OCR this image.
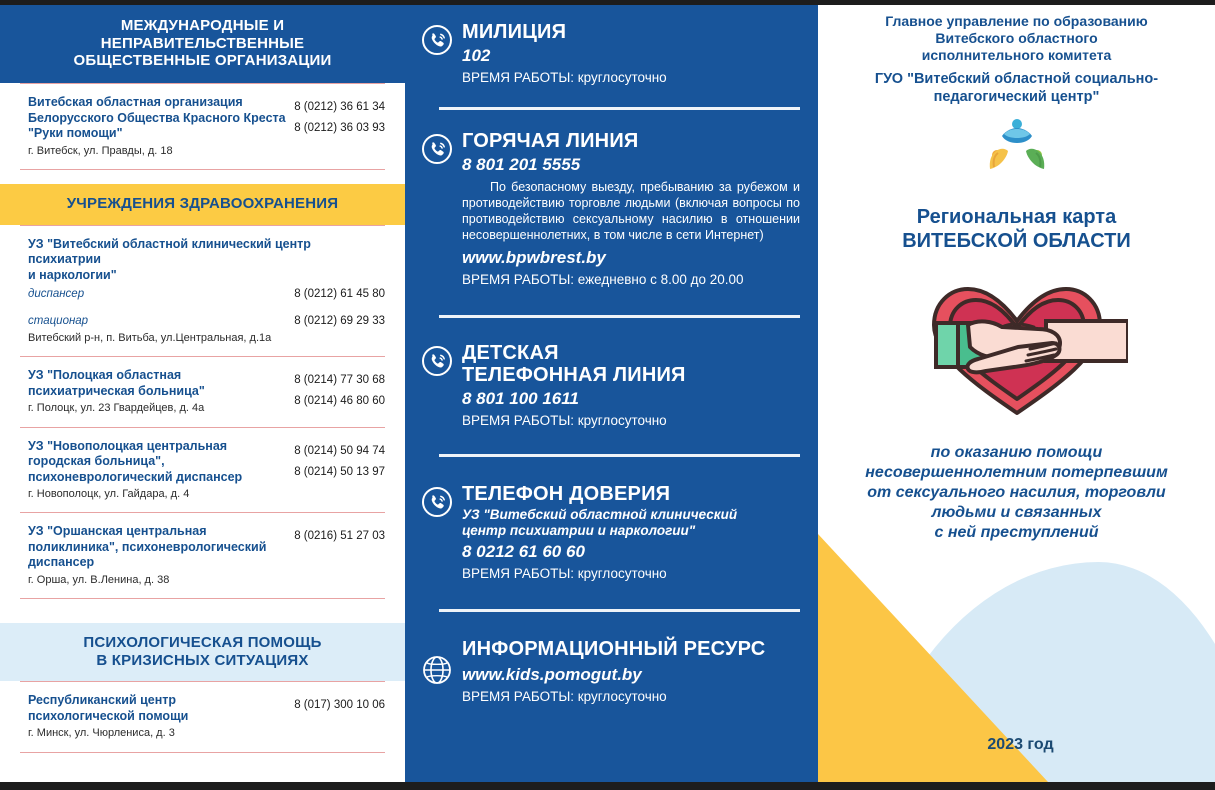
МЕЖДУНАРОДНЫЕ И НЕПРАВИТЕЛЬСТВЕННЫЕ
ОБЩЕСТВЕННЫЕ ОРГАНИЗАЦИИ
Витебская областная организация
Белорусского Общества Красного Креста
"Руки помощи"
г. Витебск, ул. Правды, д. 18
8 (0212) 36 61 34
8 (0212) 36 03 93
УЧРЕЖДЕНИЯ ЗДРАВООХРАНЕНИЯ
УЗ "Витебский областной клинический центр психиатрии
и наркологии"
диспансер	8 (0212) 61 45 80
стационар	8 (0212) 69 29 33
Витебский р-н, п. Витьба, ул.Центральная, д.1а
УЗ "Полоцкая областная
психиатрическая больница"
г. Полоцк, ул. 23 Гвардейцев, д. 4а
8 (0214) 77 30 68
8 (0214) 46 80 60
УЗ "Новополоцкая центральная
городская больница",
психоневрологический диспансер
г. Новополоцк, ул. Гайдара, д. 4
8 (0214) 50 94 74
8 (0214) 50 13 97
УЗ "Оршанская центральная
поликлиника", психоневрологический
диспансер
г. Орша, ул. В.Ленина, д. 38
8 (0216) 51 27 03
ПСИХОЛОГИЧЕСКАЯ ПОМОЩЬ
В КРИЗИСНЫХ СИТУАЦИЯХ
Республиканский центр
психологической помощи
г. Минск, ул. Чюрлениса, д. 3
8 (017) 300 10 06
МИЛИЦИЯ
102
ВРЕМЯ РАБОТЫ: круглосуточно
ГОРЯЧАЯ ЛИНИЯ
8 801 201 5555
По безопасному выезду, пребыванию за рубежом и противодействию торговле людьми (включая вопросы по противодействию сексуальному насилию в отношении несовершеннолетних, в том числе в сети Интернет)
www.bpwbrest.by
ВРЕМЯ РАБОТЫ: ежедневно с 8.00 до 20.00
ДЕТСКАЯ
ТЕЛЕФОННАЯ ЛИНИЯ
8 801 100 1611
ВРЕМЯ РАБОТЫ: круглосуточно
ТЕЛЕФОН ДОВЕРИЯ
УЗ "Витебский областной клинический
центр психиатрии и наркологии"
8 0212 61 60 60
ВРЕМЯ РАБОТЫ: круглосуточно
ИНФОРМАЦИОННЫЙ РЕСУРС
www.kids.pomogut.by
ВРЕМЯ РАБОТЫ: круглосуточно
Главное управление по образованию
Витебского областного
исполнительного комитета
ГУО "Витебский областной социально-
педагогический центр"
Региональная карта
ВИТЕБСКОЙ ОБЛАСТИ
по оказанию помощи
несовершеннолетним потерпевшим
от сексуального насилия, торговли
людьми и связанных
с ней преступлений
2023 год
